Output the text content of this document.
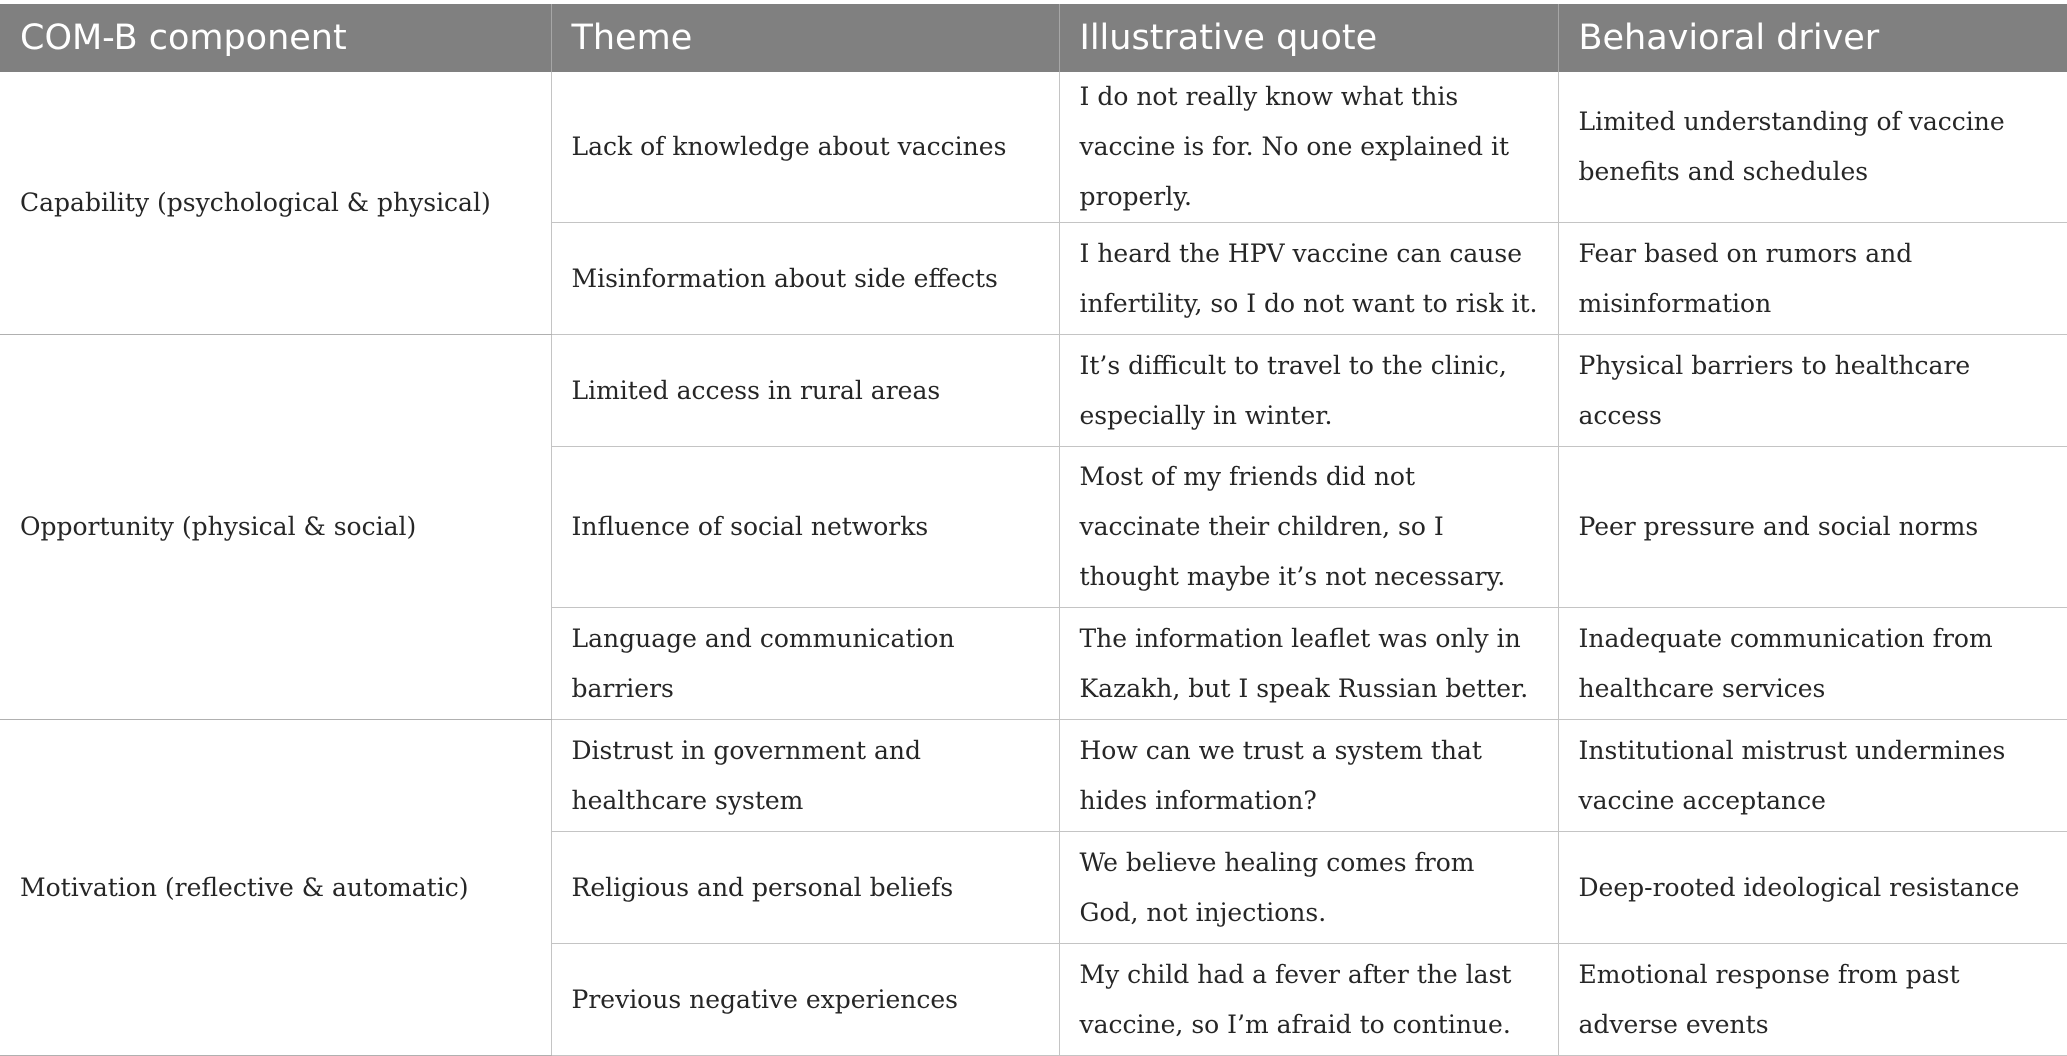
COM-B component	Theme	Illustrative quote	Behavioral driver

Capability (psychological & physical)	Lack of knowledge about vaccines	I do not really know what this vaccine is for. No one explained it properly.	Limited understanding of vaccine benefits and schedules

	Misinformation about side effects	I heard the HPV vaccine can cause infertility, so I do not want to risk it.	Fear based on rumors and misinformation

Opportunity (physical & social)	Limited access in rural areas	It’s difficult to travel to the clinic, especially in winter.	Physical barriers to healthcare access

	Influence of social networks	Most of my friends did not vaccinate their children, so I thought maybe it’s not necessary.	Peer pressure and social norms

	Language and communication barriers	The information leaflet was only in Kazakh, but I speak Russian better.	Inadequate communication from healthcare services

Motivation (reflective & automatic)	Distrust in government and healthcare system	How can we trust a system that hides information?	Institutional mistrust undermines vaccine acceptance

	Religious and personal beliefs	We believe healing comes from God, not injections.	Deep-rooted ideological resistance

	Previous negative experiences	My child had a fever after the last vaccine, so I’m afraid to continue.	Emotional response from past adverse events
